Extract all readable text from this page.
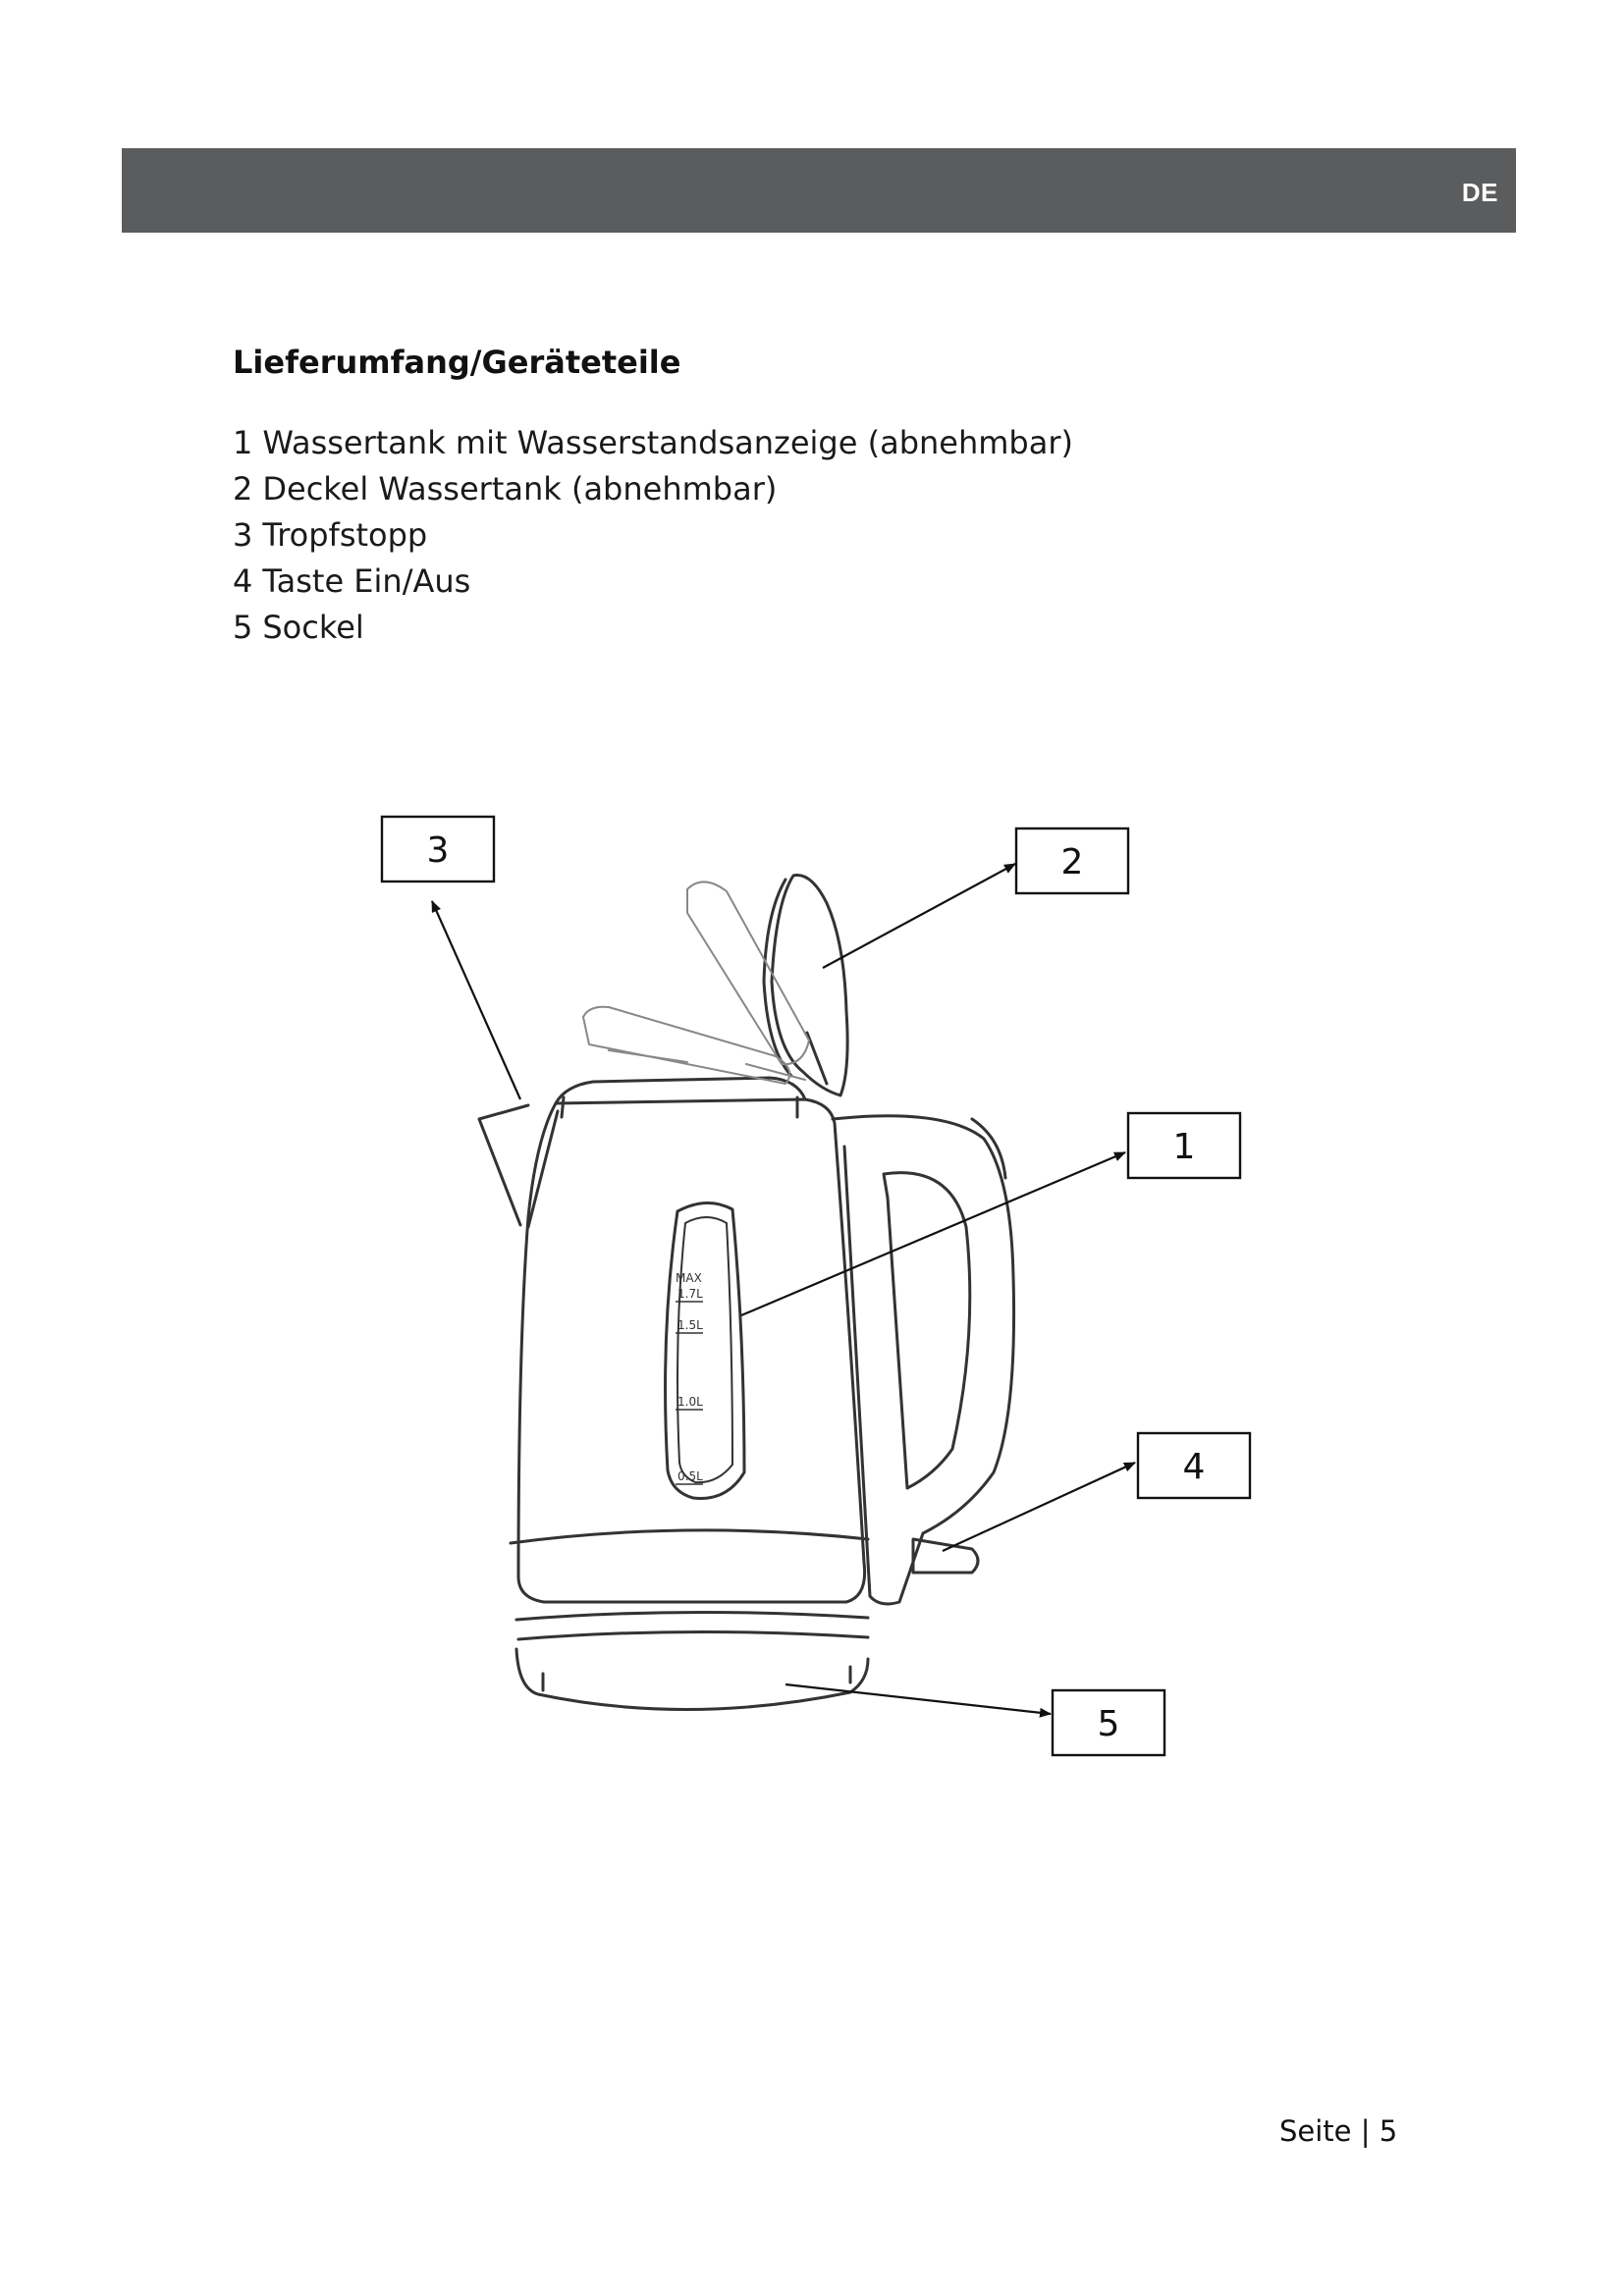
DE
Lieferumfang/Geräteteile
1 Wassertank mit Wasserstandsanzeige (abnehmbar)
2 Deckel Wassertank (abnehmbar)
3 Tropfstopp
4 Taste Ein/Aus
5 Sockel
MAX
1.7L
1.5L
1.0L
0.5L
1
2
3
4
5
Seite | 5
